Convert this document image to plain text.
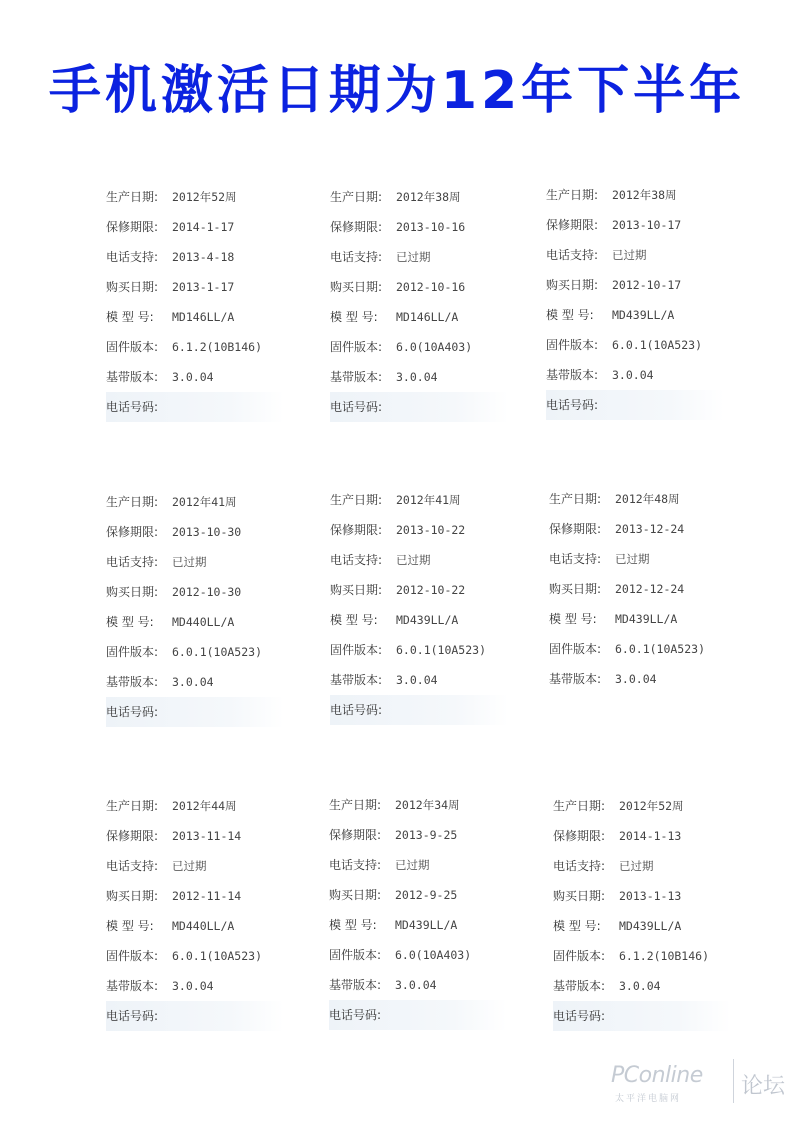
手机激活日期为12年下半年
生产日期: 2012年52周
保修期限: 2014-1-17
电话支持: 2013-4-18
购买日期: 2013-1-17
模 型 号: MD146LL/A
固件版本: 6.1.2(10B146)
基带版本: 3.0.04
电话号码:
生产日期: 2012年38周
保修期限: 2013-10-16
电话支持: 已过期
购买日期: 2012-10-16
模 型 号: MD146LL/A
固件版本: 6.0(10A403)
基带版本: 3.0.04
电话号码:
生产日期: 2012年38周
保修期限: 2013-10-17
电话支持: 已过期
购买日期: 2012-10-17
模 型 号: MD439LL/A
固件版本: 6.0.1(10A523)
基带版本: 3.0.04
电话号码:
生产日期: 2012年41周
保修期限: 2013-10-30
电话支持: 已过期
购买日期: 2012-10-30
模 型 号: MD440LL/A
固件版本: 6.0.1(10A523)
基带版本: 3.0.04
电话号码:
生产日期: 2012年41周
保修期限: 2013-10-22
电话支持: 已过期
购买日期: 2012-10-22
模 型 号: MD439LL/A
固件版本: 6.0.1(10A523)
基带版本: 3.0.04
电话号码:
生产日期: 2012年48周
保修期限: 2013-12-24
电话支持: 已过期
购买日期: 2012-12-24
模 型 号: MD439LL/A
固件版本: 6.0.1(10A523)
基带版本: 3.0.04
生产日期: 2012年44周
保修期限: 2013-11-14
电话支持: 已过期
购买日期: 2012-11-14
模 型 号: MD440LL/A
固件版本: 6.0.1(10A523)
基带版本: 3.0.04
电话号码:
生产日期: 2012年34周
保修期限: 2013-9-25
电话支持: 已过期
购买日期: 2012-9-25
模 型 号: MD439LL/A
固件版本: 6.0(10A403)
基带版本: 3.0.04
电话号码:
生产日期: 2012年52周
保修期限: 2014-1-13
电话支持: 已过期
购买日期: 2013-1-13
模 型 号: MD439LL/A
固件版本: 6.1.2(10B146)
基带版本: 3.0.04
电话号码:
PConline
太平洋电脑网	论坛
